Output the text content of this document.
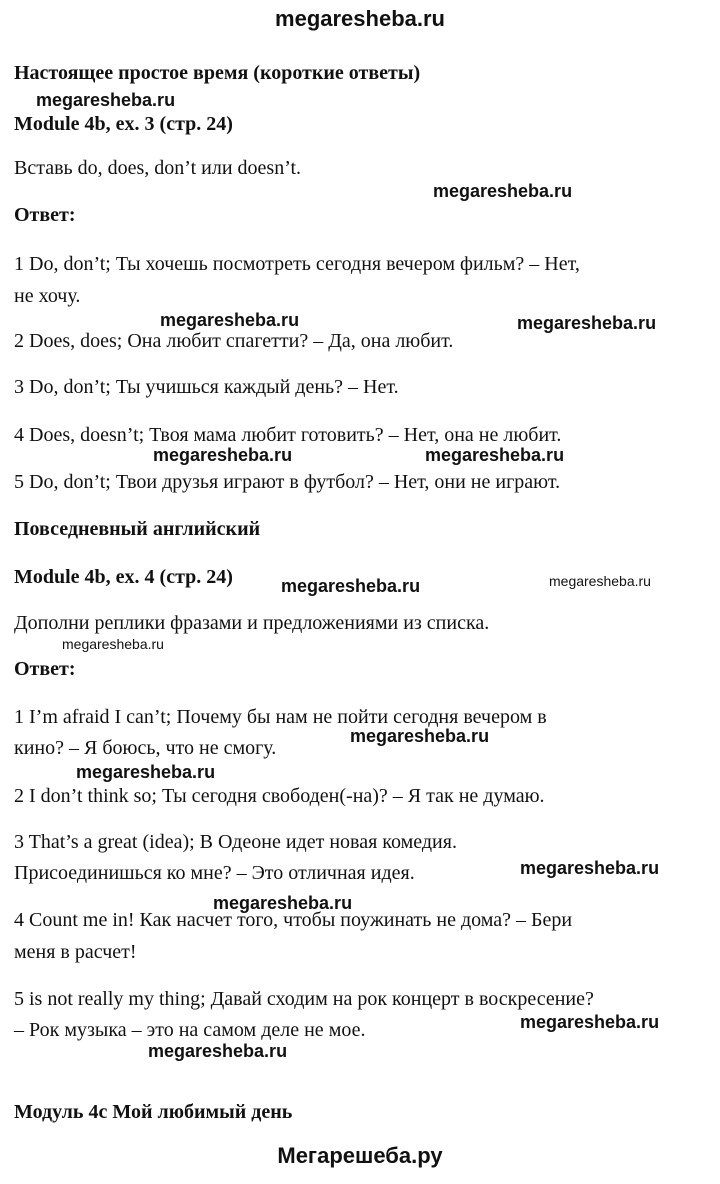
megaresheba.ru
Настоящее простое время (короткие ответы)
Module 4b, ex. 3 (стр. 24)
Вставь do, does, don’t или doesn’t.
Ответ:
1 Do, don’t; Ты хочешь посмотреть сегодня вечером фильм? – Нет,
не хочу.
2 Does, does; Она любит спагетти? – Да, она любит.
3 Do, don’t; Ты учишься каждый день? – Нет.
4 Does, doesn’t; Твоя мама любит готовить? – Нет, она не любит.
5 Do, don’t; Твои друзья играют в футбол? – Нет, они не играют.
Повседневный английский
Module 4b, ex. 4 (стр. 24)
Дополни реплики фразами и предложениями из списка.
Ответ:
1 I’m afraid I can’t; Почему бы нам не пойти сегодня вечером в
кино? – Я боюсь, что не смогу.
2 I don’t think so; Ты сегодня свободен(-на)? – Я так не думаю.
3 That’s a great (idea); В Одеоне идет новая комедия.
Присоединишься ко мне? – Это отличная идея.
4 Count me in! Как насчет того, чтобы поужинать не дома? – Бери
меня в расчет!
5 is not really my thing; Давай сходим на рок концерт в воскресение?
– Рок музыка – это на самом деле не мое.
Модуль 4с Мой любимый день
Мегарешеба.ру
megaresheba.ru
megaresheba.ru
megaresheba.ru	megaresheba.ru
megaresheba.ru	megaresheba.ru
megaresheba.ru	megaresheba.ru
megaresheba.ru
megaresheba.ru
megaresheba.ru
megaresheba.ru
megaresheba.ru
megaresheba.ru
megaresheba.ru
